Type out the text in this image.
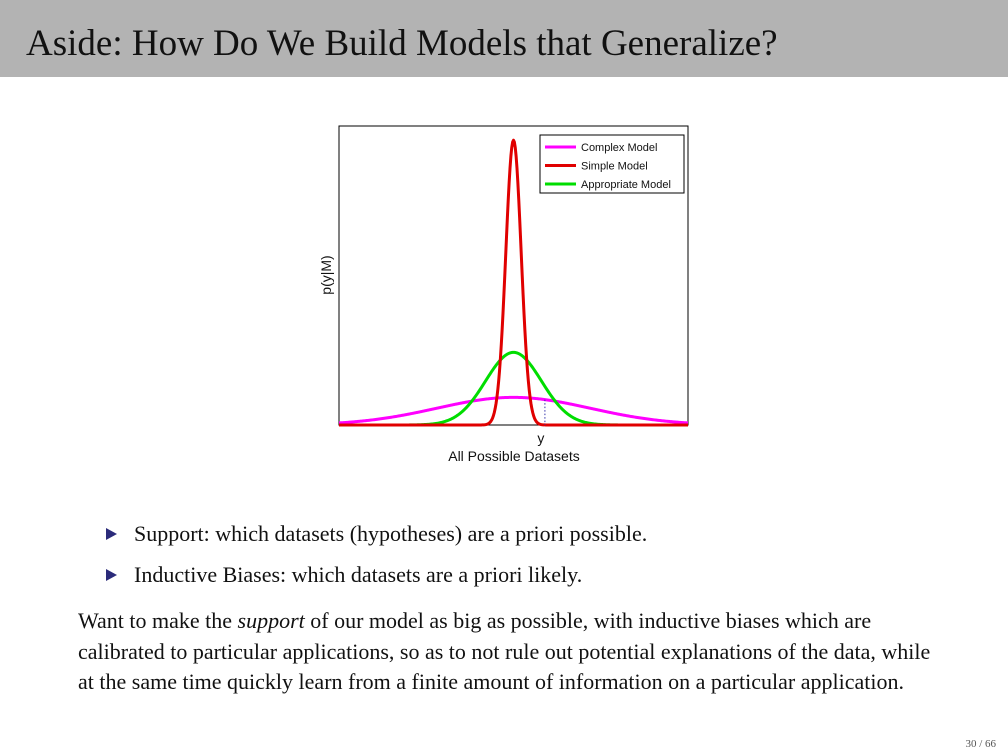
Aside: How Do We Build Models that Generalize?
y
All Possible Datasets
p(y|M)
Complex Model
Simple Model
Appropriate Model
Support: which datasets (hypotheses) are a priori possible.
Inductive Biases: which datasets are a priori likely.
Want to make the support of our model as big as possible, with inductive biases which are calibrated to particular applications, so as to not rule out potential explanations of the data, while at the same time quickly learn from a finite amount of information on a particular application.
30 / 66
